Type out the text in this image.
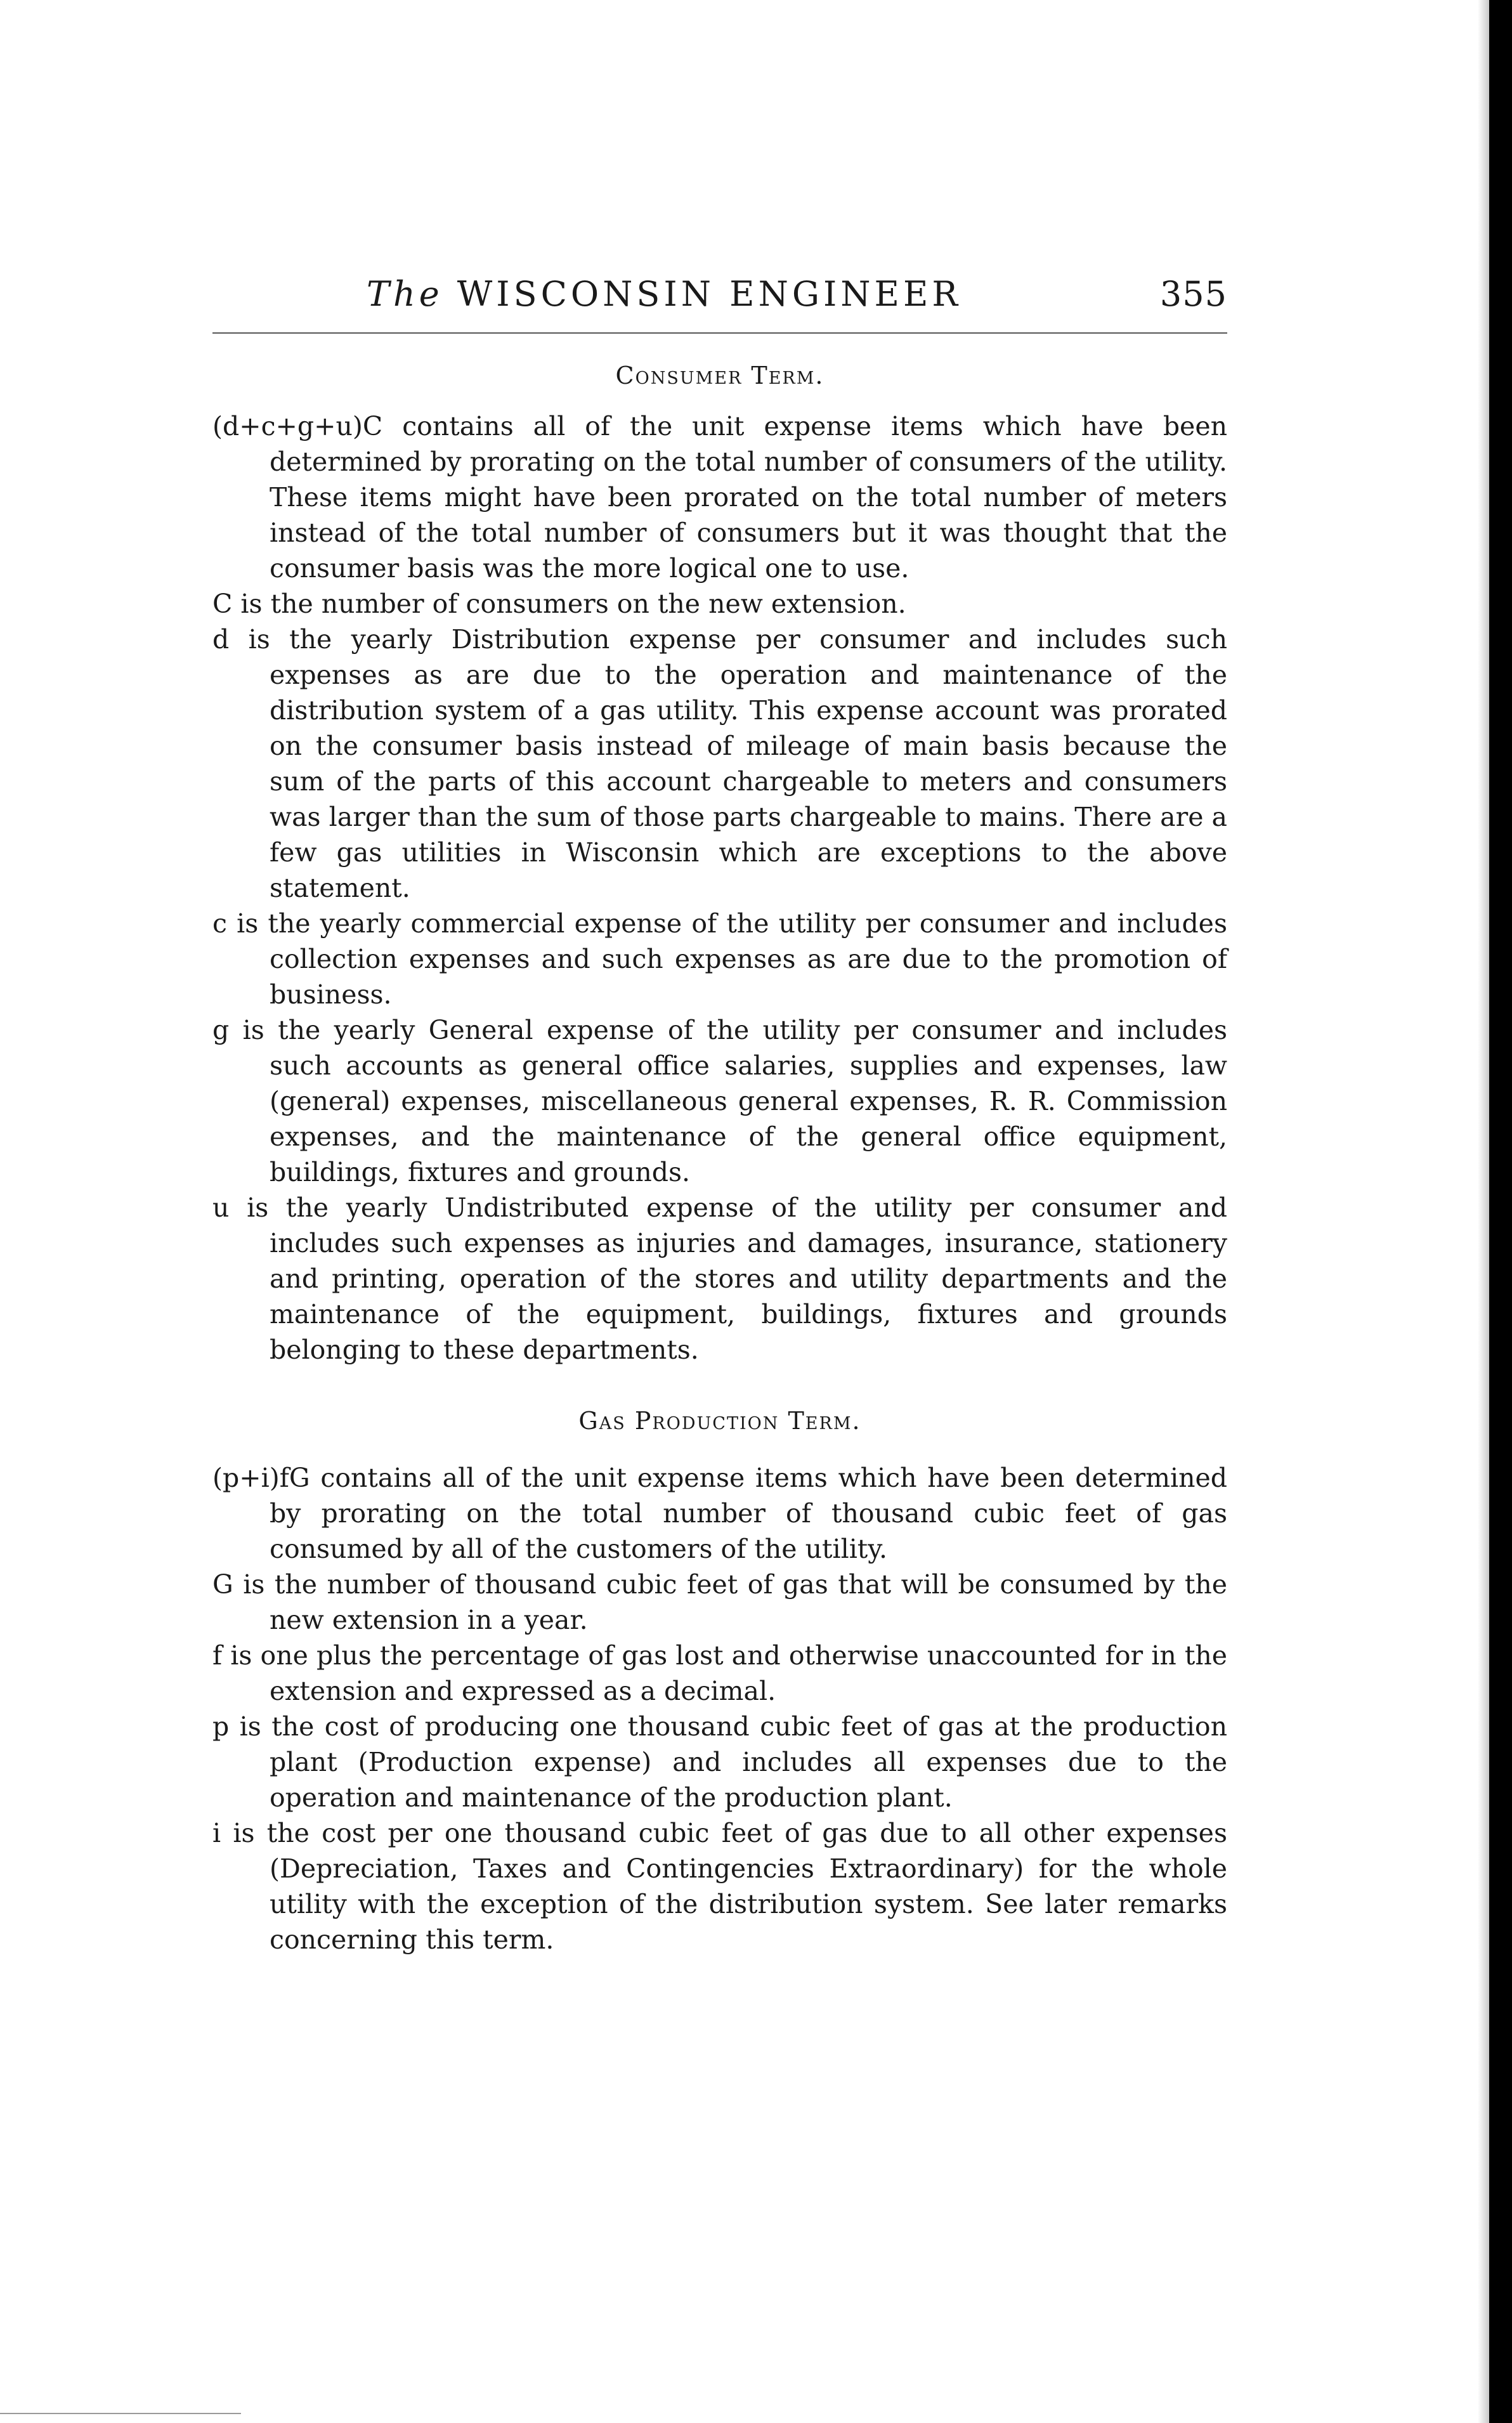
The WISCONSIN ENGINEER	355
Consumer Term.

(d+c+g+u)C contains all of the unit expense items which have been determined by prorating on the total number of consumers of the utility. These items might have been prorated on the total number of meters instead of the total number of consumers but it was thought that the consumer basis was the more logical one to use.

C is the number of consumers on the new extension.

d is the yearly Distribution expense per consumer and includes such expenses as are due to the operation and maintenance of the distribution system of a gas utility. This expense account was prorated on the consumer basis instead of mileage of main basis because the sum of the parts of this account chargeable to meters and consumers was larger than the sum of those parts chargeable to mains. There are a few gas utilities in Wisconsin which are exceptions to the above statement.

c is the yearly commercial expense of the utility per consumer and includes collection expenses and such expenses as are due to the promotion of business.

g is the yearly General expense of the utility per consumer and includes such accounts as general office salaries, supplies and expenses, law (general) expenses, miscellaneous general expenses, R. R. Commission expenses, and the maintenance of the general office equipment, buildings, fixtures and grounds.

u is the yearly Undistributed expense of the utility per consumer and includes such expenses as injuries and damages, insurance, stationery and printing, operation of the stores and utility departments and the maintenance of the equipment, buildings, fixtures and grounds belonging to these departments.

Gas Production Term.

(p+i)fG contains all of the unit expense items which have been determined by prorating on the total number of thousand cubic feet of gas consumed by all of the customers of the utility.

G is the number of thousand cubic feet of gas that will be consumed by the new extension in a year.

f is one plus the percentage of gas lost and otherwise unaccounted for in the extension and expressed as a decimal.

p is the cost of producing one thousand cubic feet of gas at the production plant (Production expense) and includes all expenses due to the operation and maintenance of the production plant.

i is the cost per one thousand cubic feet of gas due to all other expenses (Depreciation, Taxes and Contingencies Extraordinary) for the whole utility with the exception of the distribution system. See later remarks concerning this term.
